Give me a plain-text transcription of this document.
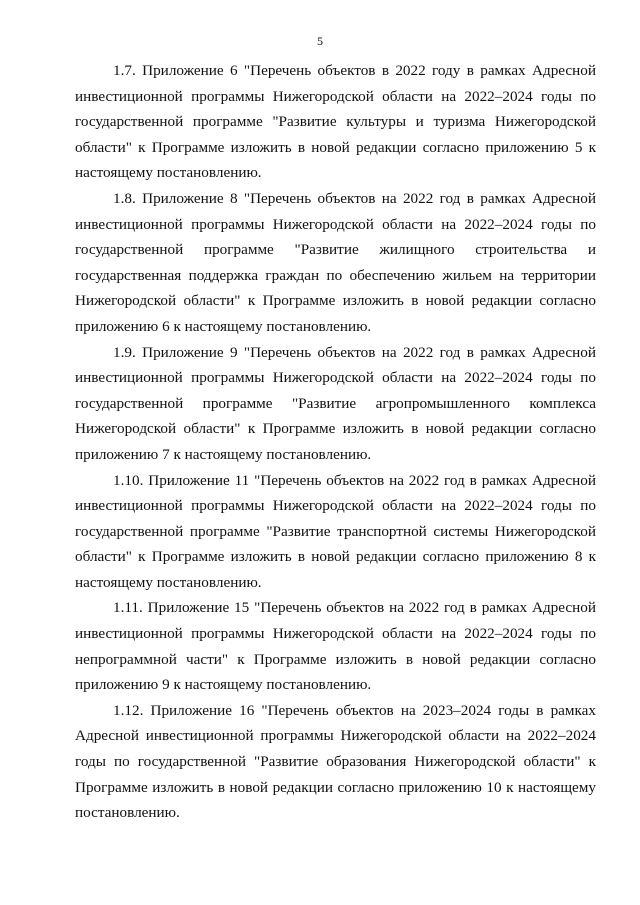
5

1.7. Приложение 6 "Перечень объектов в 2022 году в рамках Адресной инвестиционной программы Нижегородской области на 2022–2024 годы по государственной программе "Развитие культуры и туризма Нижегородской области" к Программе изложить в новой редакции согласно приложению 5 к настоящему постановлению.

1.8. Приложение 8 "Перечень объектов на 2022 год в рамках Адресной инвестиционной программы Нижегородской области на 2022–2024 годы по государственной программе "Развитие жилищного строительства и государственная поддержка граждан по обеспечению жильем на территории Нижегородской области" к Программе изложить в новой редакции согласно приложению 6 к настоящему постановлению.

1.9. Приложение 9 "Перечень объектов на 2022 год в рамках Адресной инвестиционной программы Нижегородской области на 2022–2024 годы по государственной программе "Развитие агропромышленного комплекса Нижегородской области" к Программе изложить в новой редакции согласно приложению 7 к настоящему постановлению.

1.10. Приложение 11 "Перечень объектов на 2022 год в рамках Адресной инвестиционной программы Нижегородской области на 2022–2024 годы по государственной программе "Развитие транспортной системы Нижегородской области" к Программе изложить в новой редакции согласно приложению 8 к настоящему постановлению.

1.11. Приложение 15 "Перечень объектов на 2022 год в рамках Адресной инвестиционной программы Нижегородской области на 2022–2024 годы по непрограммной части" к Программе изложить в новой редакции согласно приложению 9 к настоящему постановлению.

1.12. Приложение 16 "Перечень объектов на 2023–2024 годы в рамках Адресной инвестиционной программы Нижегородской области на 2022–2024 годы по государственной "Развитие образования Нижегородской области" к Программе изложить в новой редакции согласно приложению 10 к настоящему постановлению.
